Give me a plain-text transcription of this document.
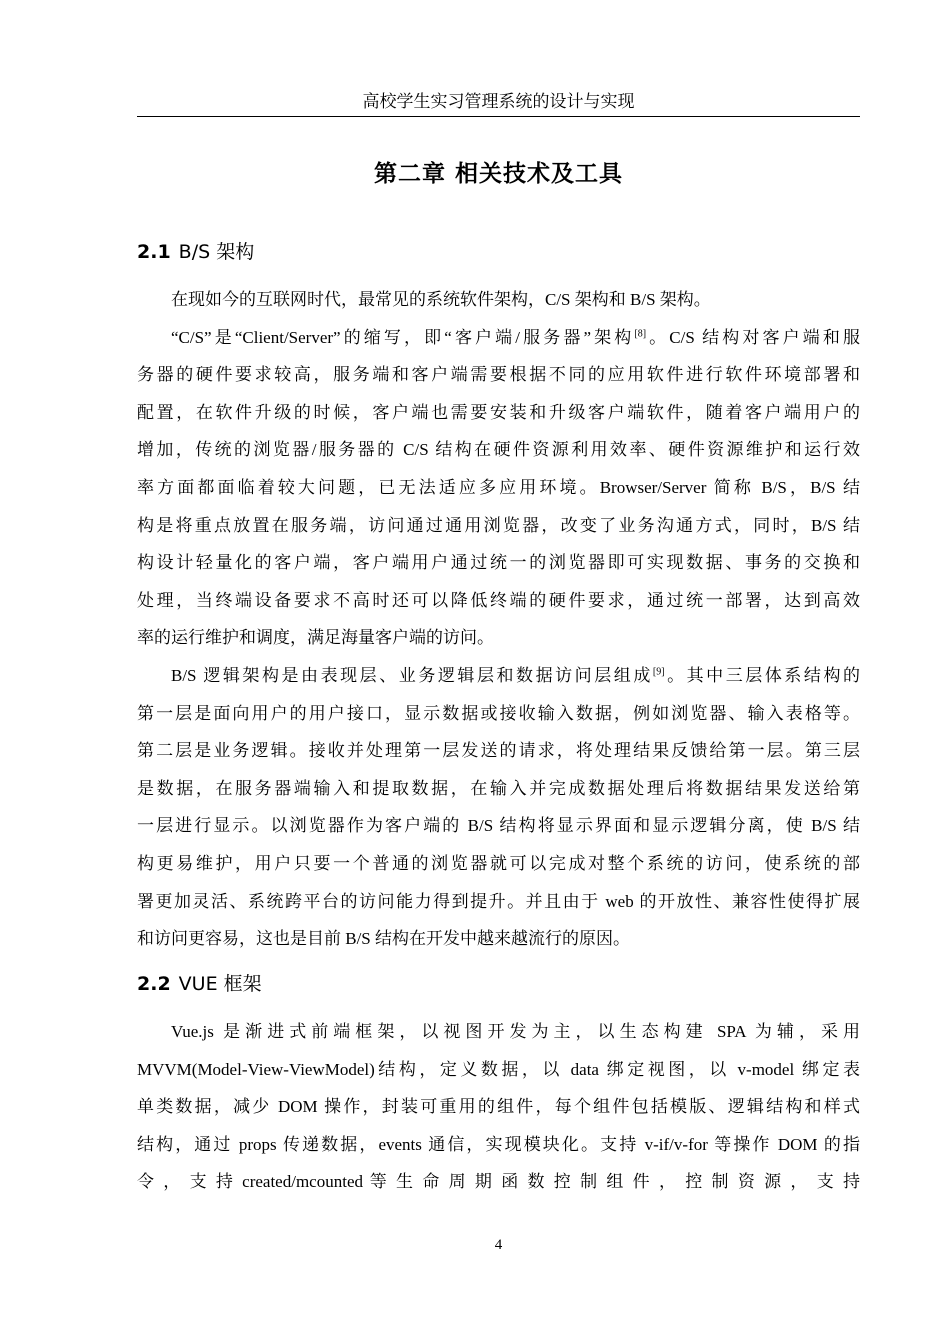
高校学生实习管理系统的设计与实现
第二章 相关技术及工具
2.1 B/S 架构
在现如今的互联网时代，最常见的系统软件架构，C/S 架构和 B/S 架构。
“C/S”是“Client/Server”的缩写，即“客户端/服务器”架构[8]。C/S 结构对客户端和服
务器的硬件要求较高，服务端和客户端需要根据不同的应用软件进行软件环境部署和
配置，在软件升级的时候，客户端也需要安装和升级客户端软件，随着客户端用户的
增加，传统的浏览器/服务器的 C/S 结构在硬件资源利用效率、硬件资源维护和运行效
率方面都面临着较大问题，已无法适应多应用环境。Browser/Server 简称 B/S，B/S 结
构是将重点放置在服务端，访问通过通用浏览器，改变了业务沟通方式，同时，B/S 结
构设计轻量化的客户端，客户端用户通过统一的浏览器即可实现数据、事务的交换和
处理，当终端设备要求不高时还可以降低终端的硬件要求，通过统一部署，达到高效
率的运行维护和调度，满足海量客户端的访问。
B/S 逻辑架构是由表现层、业务逻辑层和数据访问层组成[9]。其中三层体系结构的
第一层是面向用户的用户接口，显示数据或接收输入数据，例如浏览器、输入表格等。
第二层是业务逻辑。接收并处理第一层发送的请求，将处理结果反馈给第一层。第三层
是数据，在服务器端输入和提取数据，在输入并完成数据处理后将数据结果发送给第
一层进行显示。以浏览器作为客户端的 B/S 结构将显示界面和显示逻辑分离，使 B/S 结
构更易维护，用户只要一个普通的浏览器就可以完成对整个系统的访问，使系统的部
署更加灵活、系统跨平台的访问能力得到提升。并且由于 web 的开放性、兼容性使得扩展
和访问更容易，这也是目前 B/S 结构在开发中越来越流行的原因。
2.2 VUE 框架
Vue.js 是渐进式前端框架，以视图开发为主，以生态构建 SPA 为辅，采用
MVVM(Model-View-ViewModel)结构，定义数据，以 data 绑定视图，以 v-model 绑定表
单类数据，减少 DOM 操作，封装可重用的组件，每个组件包括模版、逻辑结构和样式
结构，通过 props 传递数据，events 通信，实现模块化。支持 v-if/v-for 等操作 DOM 的指
令 ， 支 持 created/mcounted 等 生 命 周 期 函 数 控 制 组 件 ， 控 制 资 源 ， 支 持
4
